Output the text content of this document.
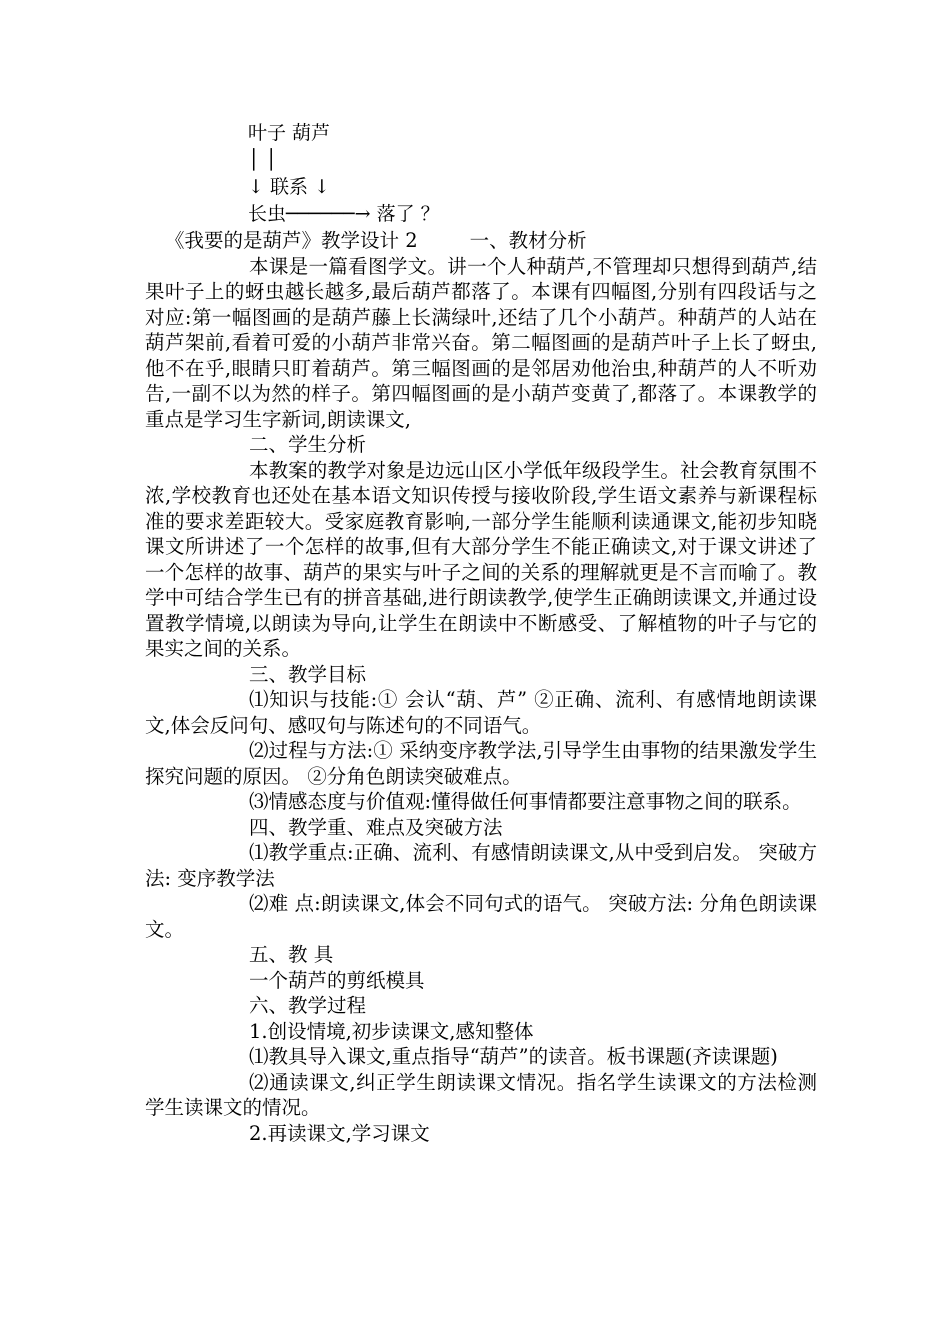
叶子 葫芦
│ │
↓ 联系 ↓
长虫──────→ 落了 ？

《我要的是葫芦》教学设计 2	一、教材分析

本课是一篇看图学文。讲一个人种葫芦,不管理却只想得到葫芦,结果叶子上的蚜虫越长越多,最后葫芦都落了。本课有四幅图,分别有四段话与之对应:第一幅图画的是葫芦藤上长满绿叶,还结了几个小葫芦。种葫芦的人站在葫芦架前,看着可爱的小葫芦非常兴奋。第二幅图画的是葫芦叶子上长了蚜虫,他不在乎,眼睛只盯着葫芦。第三幅图画的是邻居劝他治虫,种葫芦的人不听劝告,一副不以为然的样子。第四幅图画的是小葫芦变黄了,都落了。本课教学的重点是学习生字新词,朗读课文,

二、学生分析

本教案的教学对象是边远山区小学低年级段学生。社会教育氛围不浓,学校教育也还处在基本语文知识传授与接收阶段,学生语文素养与新课程标准的要求差距较大。受家庭教育影响,一部分学生能顺利读通课文,能初步知晓课文所讲述了一个怎样的故事,但有大部分学生不能正确读文,对于课文讲述了一个怎样的故事、葫芦的果实与叶子之间的关系的理解就更是不言而喻了。教学中可结合学生已有的拼音基础,进行朗读教学,使学生正确朗读课文,并通过设置教学情境,以朗读为导向,让学生在朗读中不断感受、了解植物的叶子与它的果实之间的关系。

三、教学目标

⑴知识与技能:① 会认“葫、芦” ②正确、流利、有感情地朗读课文,体会反问句、感叹句与陈述句的不同语气。

⑵过程与方法:① 采纳变序教学法,引导学生由事物的结果激发学生探究问题的原因。 ②分角色朗读突破难点。

⑶情感态度与价值观:懂得做任何事情都要注意事物之间的联系。

四、教学重、难点及突破方法

⑴教学重点:正确、流利、有感情朗读课文,从中受到启发。 突破方法: 变序教学法

⑵难 点:朗读课文,体会不同句式的语气。 突破方法: 分角色朗读课文。

五、教 具

一个葫芦的剪纸模具

六、教学过程

1.创设情境,初步读课文,感知整体

⑴教具导入课文,重点指导“葫芦”的读音。板书课题(齐读课题)

⑵通读课文,纠正学生朗读课文情况。指名学生读课文的方法检测学生读课文的情况。

2.再读课文,学习课文
